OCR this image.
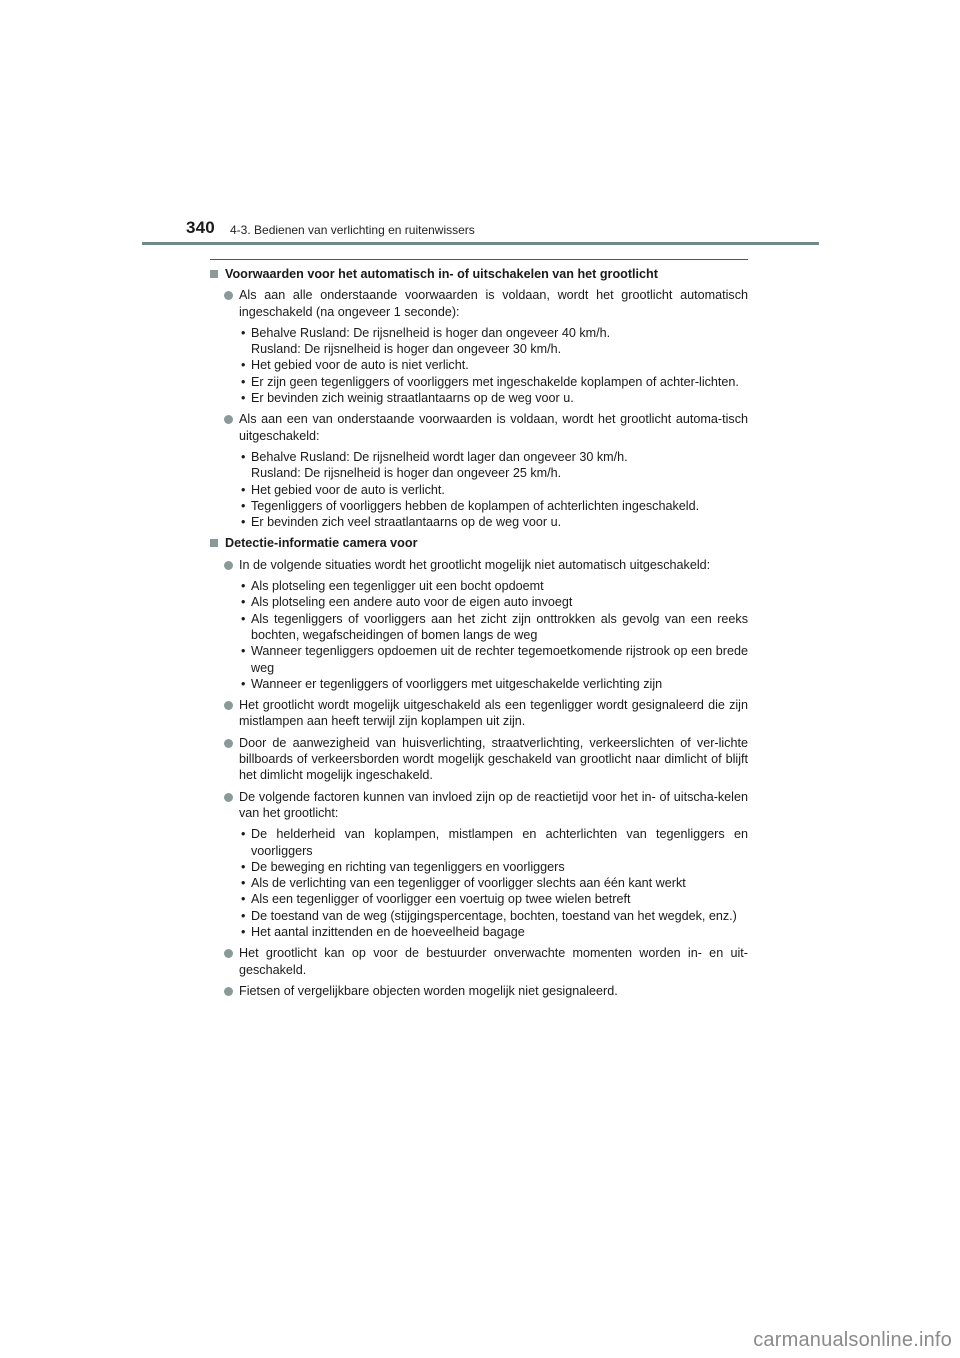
340 4-3. Bedienen van verlichting en ruitenwissers
Voorwaarden voor het automatisch in- of uitschakelen van het grootlicht
Als aan alle onderstaande voorwaarden is voldaan, wordt het grootlicht automatisch ingeschakeld (na ongeveer 1 seconde):
• Behalve Rusland: De rijsnelheid is hoger dan ongeveer 40 km/h.
Rusland: De rijsnelheid is hoger dan ongeveer 30 km/h.
• Het gebied voor de auto is niet verlicht.
• Er zijn geen tegenliggers of voorliggers met ingeschakelde koplampen of achter-lichten.
• Er bevinden zich weinig straatlantaarns op de weg voor u.
Als aan een van onderstaande voorwaarden is voldaan, wordt het grootlicht automa-tisch uitgeschakeld:
• Behalve Rusland: De rijsnelheid wordt lager dan ongeveer 30 km/h.
Rusland: De rijsnelheid is hoger dan ongeveer 25 km/h.
• Het gebied voor de auto is verlicht.
• Tegenliggers of voorliggers hebben de koplampen of achterlichten ingeschakeld.
• Er bevinden zich veel straatlantaarns op de weg voor u.
Detectie-informatie camera voor
In de volgende situaties wordt het grootlicht mogelijk niet automatisch uitgeschakeld:
• Als plotseling een tegenligger uit een bocht opdoemt
• Als plotseling een andere auto voor de eigen auto invoegt
• Als tegenliggers of voorliggers aan het zicht zijn onttrokken als gevolg van een reeks bochten, wegafscheidingen of bomen langs de weg
• Wanneer tegenliggers opdoemen uit de rechter tegemoetkomende rijstrook op een brede weg
• Wanneer er tegenliggers of voorliggers met uitgeschakelde verlichting zijn
Het grootlicht wordt mogelijk uitgeschakeld als een tegenligger wordt gesignaleerd die zijn mistlampen aan heeft terwijl zijn koplampen uit zijn.
Door de aanwezigheid van huisverlichting, straatverlichting, verkeerslichten of ver-lichte billboards of verkeersborden wordt mogelijk geschakeld van grootlicht naar dimlicht of blijft het dimlicht mogelijk ingeschakeld.
De volgende factoren kunnen van invloed zijn op de reactietijd voor het in- of uitscha-kelen van het grootlicht:
• De helderheid van koplampen, mistlampen en achterlichten van tegenliggers en voorliggers
• De beweging en richting van tegenliggers en voorliggers
• Als de verlichting van een tegenligger of voorligger slechts aan één kant werkt
• Als een tegenligger of voorligger een voertuig op twee wielen betreft
• De toestand van de weg (stijgingspercentage, bochten, toestand van het wegdek, enz.)
• Het aantal inzittenden en de hoeveelheid bagage
Het grootlicht kan op voor de bestuurder onverwachte momenten worden in- en uit-geschakeld.
Fietsen of vergelijkbare objecten worden mogelijk niet gesignaleerd.
carmanualsonline.info
